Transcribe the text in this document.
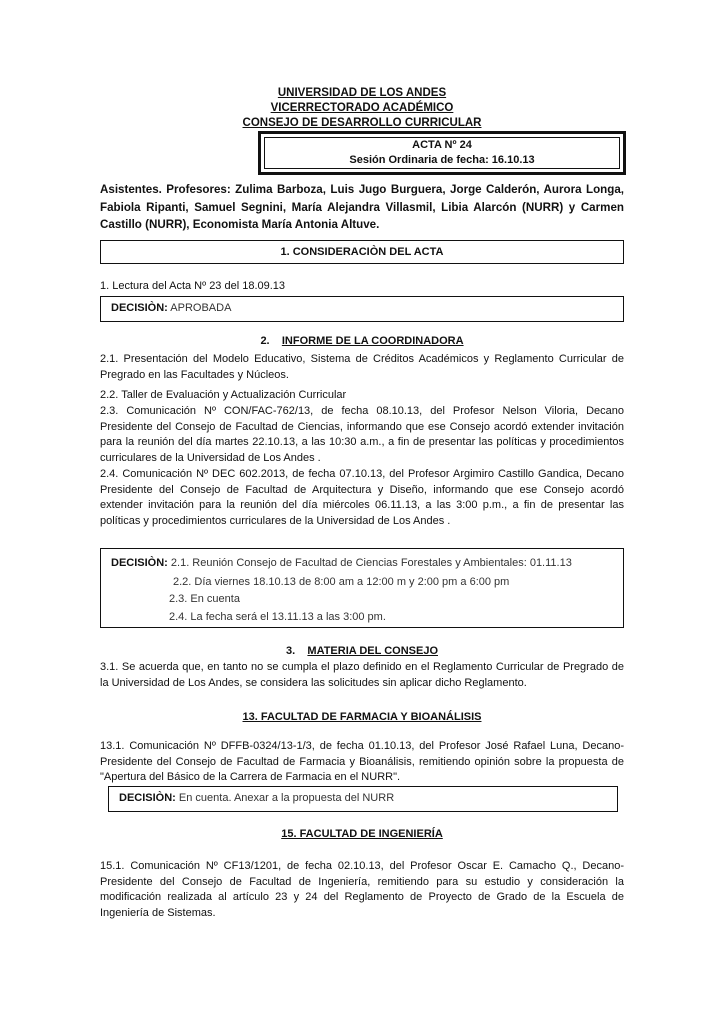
UNIVERSIDAD DE LOS ANDES
VICERRECTORADO ACADÉMICO
CONSEJO DE DESARROLLO CURRICULAR
ACTA Nº 24
Sesión Ordinaria de fecha: 16.10.13
Asistentes. Profesores: Zulima Barboza, Luis Jugo Burguera, Jorge Calderón, Aurora Longa, Fabiola Ripanti, Samuel Segnini, María Alejandra Villasmil, Libia Alarcón (NURR) y Carmen Castillo (NURR), Economista María Antonia Altuve.
1. CONSIDERACIÒN DEL ACTA
1. Lectura del Acta Nº 23 del 18.09.13
DECISIÒN: APROBADA
2. INFORME DE LA COORDINADORA
2.1. Presentación del Modelo Educativo, Sistema de Créditos Académicos y Reglamento Curricular de Pregrado en las Facultades y Núcleos.
2.2. Taller de Evaluación y Actualización Curricular
2.3. Comunicación Nº CON/FAC-762/13, de fecha 08.10.13, del Profesor Nelson Viloria, Decano Presidente del Consejo de Facultad de Ciencias, informando que ese Consejo acordó extender invitación para la reunión del día martes 22.10.13, a las 10:30 a.m., a fin de presentar las políticas y procedimientos curriculares de la Universidad de Los Andes .
2.4. Comunicación Nº DEC 602.2013, de fecha 07.10.13, del Profesor Argimiro Castillo Gandica, Decano Presidente del Consejo de Facultad de Arquitectura y Diseño, informando que ese Consejo acordó extender invitación para la reunión del día miércoles 06.11.13, a las 3:00 p.m., a fin de presentar las políticas y procedimientos curriculares de la Universidad de Los Andes .
DECISIÒN: 2.1. Reunión Consejo de Facultad de Ciencias Forestales y Ambientales: 01.11.13
2.2. Día viernes 18.10.13 de 8:00 am a 12:00 m y 2:00 pm a 6:00 pm
2.3. En cuenta
2.4. La fecha será el 13.11.13 a las 3:00 pm.
3. MATERIA DEL CONSEJO
3.1. Se acuerda que, en tanto no se cumpla el plazo definido en el Reglamento Curricular de Pregrado de la Universidad de Los Andes, se considera las solicitudes sin aplicar dicho Reglamento.
13. FACULTAD DE FARMACIA Y BIOANÁLISIS
13.1. Comunicación Nº DFFB-0324/13-1/3, de fecha 01.10.13, del Profesor José Rafael Luna, Decano-Presidente del Consejo de Facultad de Farmacia y Bioanálisis, remitiendo opinión sobre la propuesta de "Apertura del Básico de la Carrera de Farmacia en el NURR".
DECISIÒN: En cuenta. Anexar a la propuesta del NURR
15. FACULTAD DE INGENIERÍA
15.1. Comunicación Nº CF13/1201, de fecha 02.10.13, del Profesor Oscar E. Camacho Q., Decano-Presidente del Consejo de Facultad de Ingeniería, remitiendo para su estudio y consideración la modificación realizada al artículo 23 y 24 del Reglamento de Proyecto de Grado de la Escuela de Ingeniería de Sistemas.
